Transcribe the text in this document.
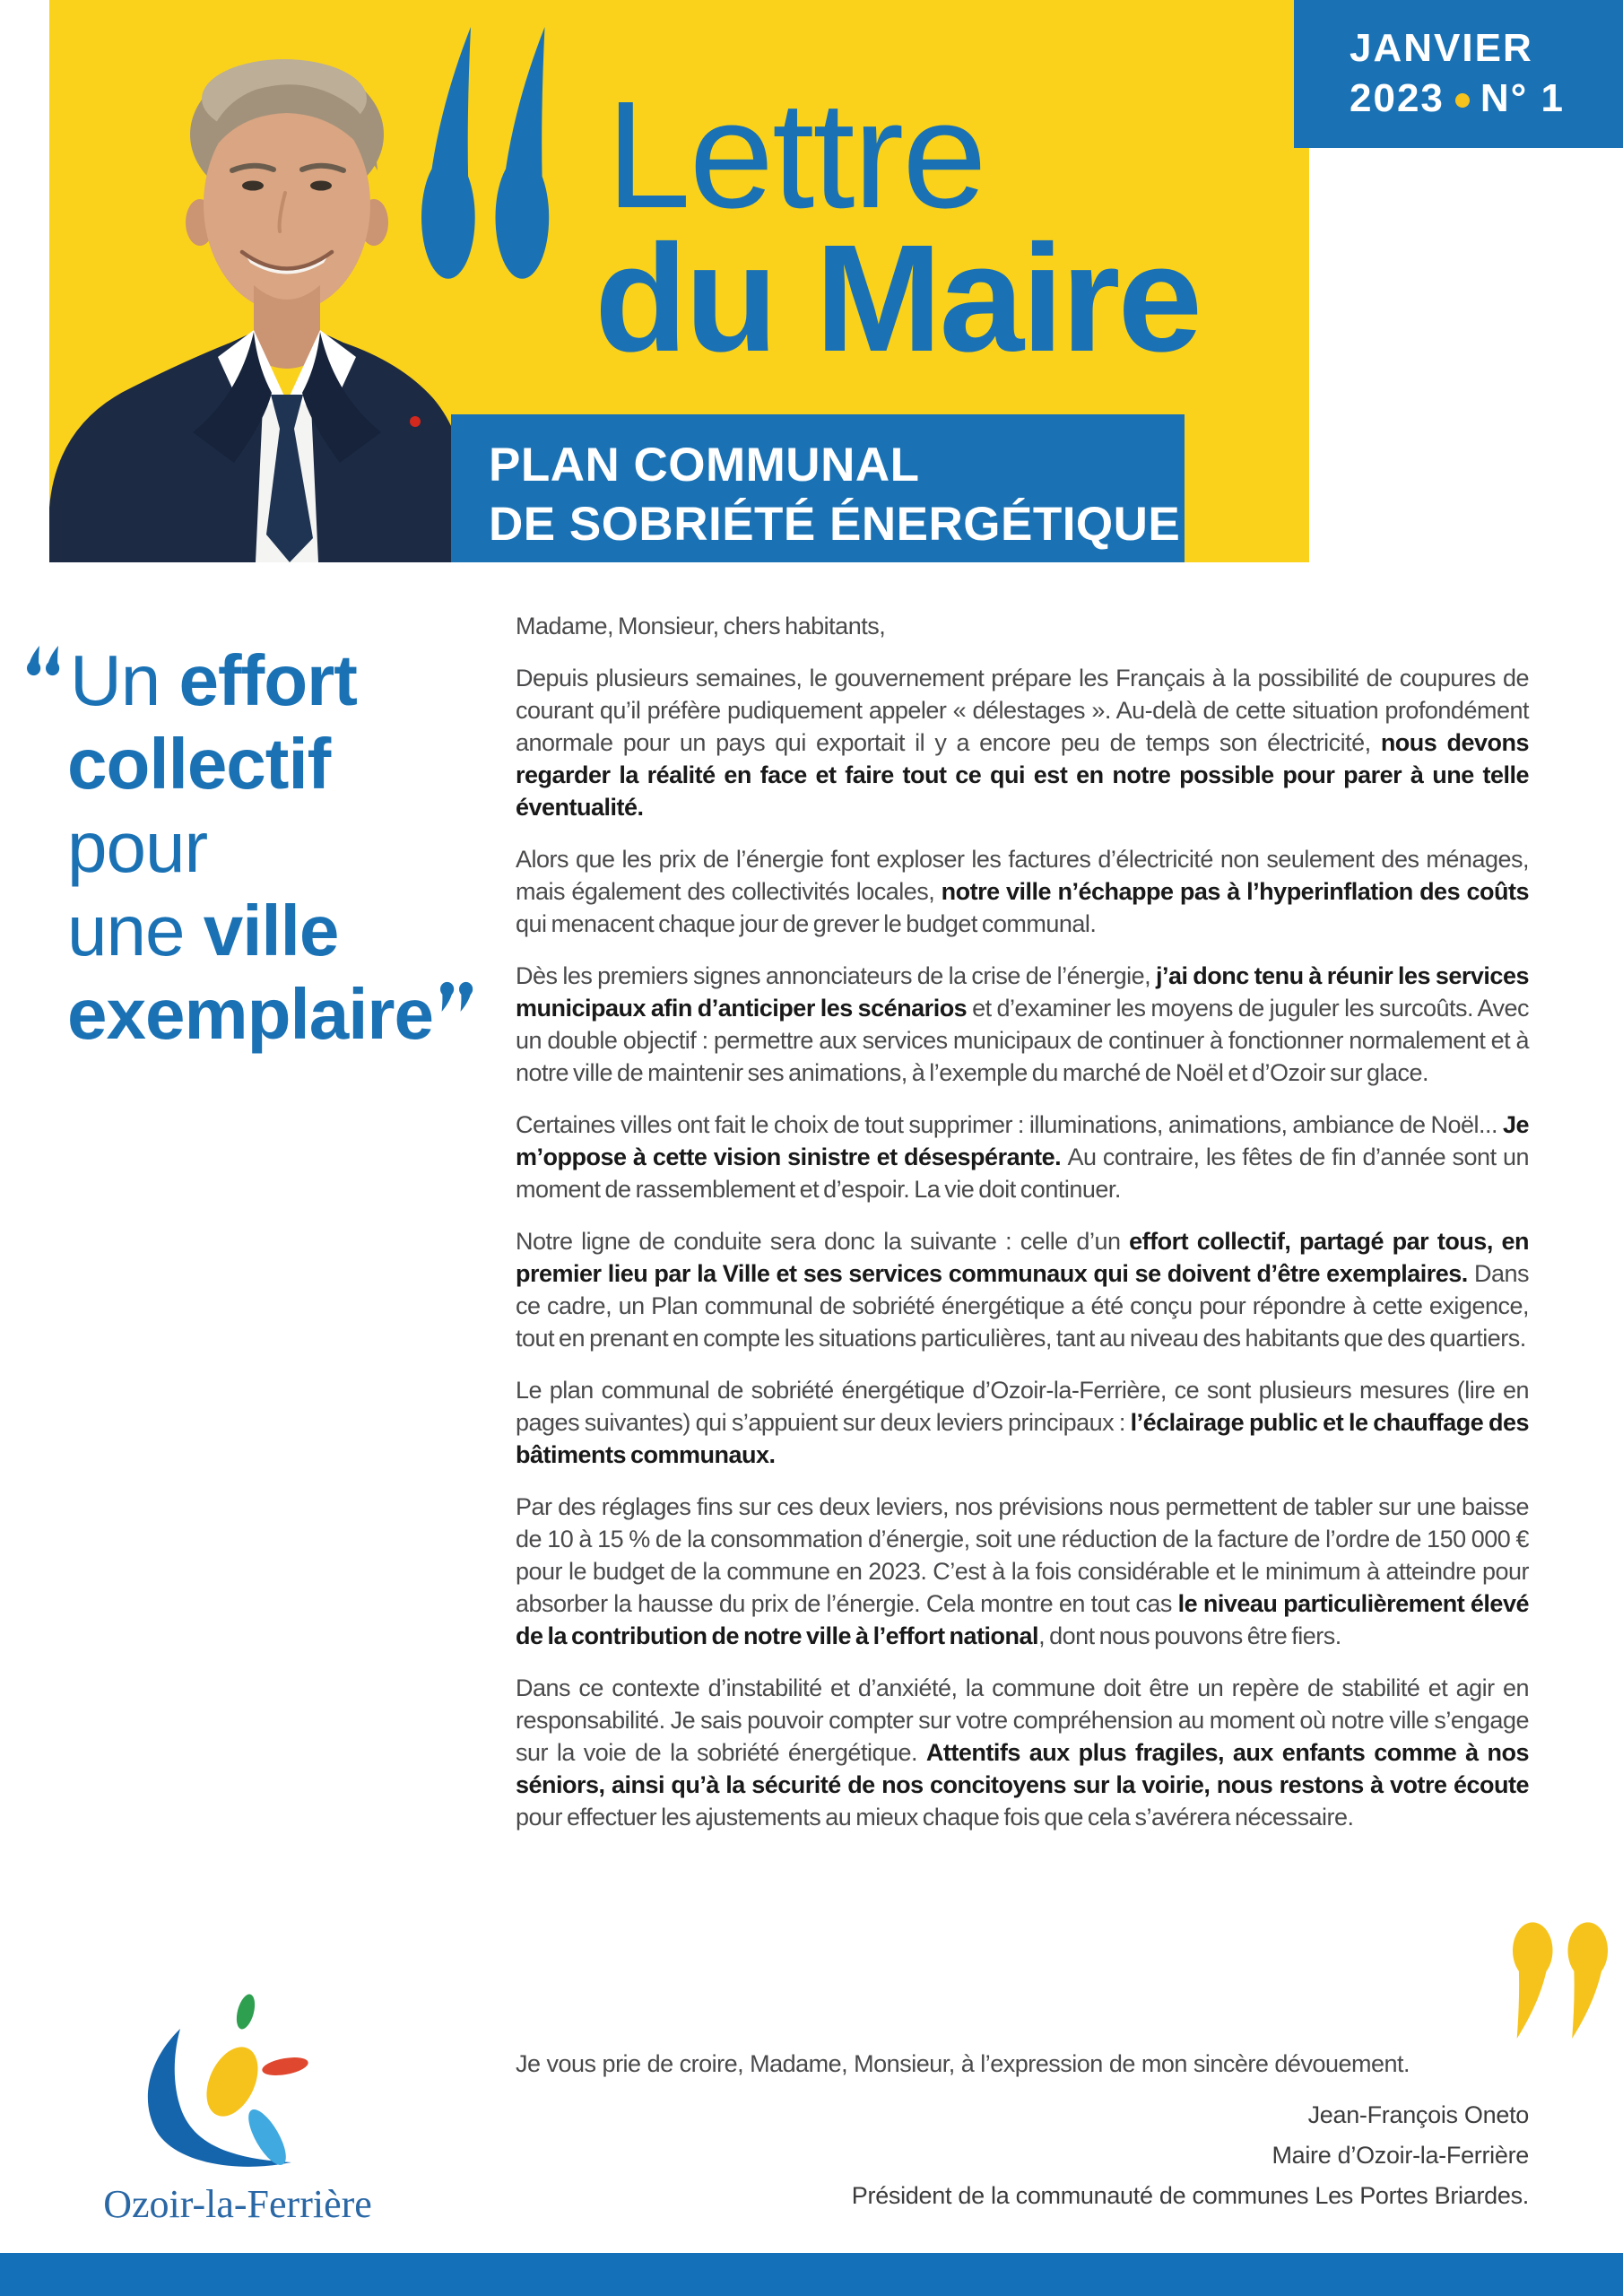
Lettre
du Maire
JANVIER
2023 N° 1
PLAN COMMUNAL
DE SOBRIÉTÉ ÉNERGÉTIQUE
Un effort
collectif
pour
une ville
exemplaire

Madame, Monsieur, chers habitants,

Depuis plusieurs semaines, le gouvernement prépare les Français à la possibilité de coupures de courant qu’il préfère pudiquement appeler « délestages ». Au-delà de cette situation profondément anormale pour un pays qui exportait il y a encore peu de temps son électricité, nous devons regarder la réalité en face et faire tout ce qui est en notre possible pour parer à une telle éventualité.

Alors que les prix de l’énergie font exploser les factures d’électricité non seulement des ménages, mais également des collectivités locales, notre ville n’échappe pas à l’hyperinflation des coûts qui menacent chaque jour de grever le budget communal.

Dès les premiers signes annonciateurs de la crise de l’énergie, j’ai donc tenu à réunir les services municipaux afin d’anticiper les scénarios et d’examiner les moyens de juguler les surcoûts. Avec un double objectif : permettre aux services municipaux de continuer à fonctionner normalement et à notre ville de maintenir ses animations, à l’exemple du marché de Noël et d’Ozoir sur glace.

Certaines villes ont fait le choix de tout supprimer : illuminations, animations, ambiance de Noël... Je m’oppose à cette vision sinistre et désespérante. Au contraire, les fêtes de fin d’année sont un moment de rassemblement et d’espoir. La vie doit continuer.

Notre ligne de conduite sera donc la suivante : celle d’un effort collectif, partagé par tous, en premier lieu par la Ville et ses services communaux qui se doivent d’être exemplaires. Dans ce cadre, un Plan communal de sobriété énergétique a été conçu pour répondre à cette exigence, tout en prenant en compte les situations particulières, tant au niveau des habitants que des quartiers.

Le plan communal de sobriété énergétique d’Ozoir-la-Ferrière, ce sont plusieurs mesures (lire en pages suivantes) qui s’appuient sur deux leviers principaux : l’éclairage public et le chauffage des bâtiments communaux.

Par des réglages fins sur ces deux leviers, nos prévisions nous permettent de tabler sur une baisse de 10 à 15 % de la consommation d’énergie, soit une réduction de la facture de l’ordre de 150 000 € pour le budget de la commune en 2023. C’est à la fois considérable et le minimum à atteindre pour absorber la hausse du prix de l’énergie. Cela montre en tout cas le niveau particulièrement élevé de la contribution de notre ville à l’effort national, dont nous pouvons être fiers.

Dans ce contexte d’instabilité et d’anxiété, la commune doit être un repère de stabilité et agir en responsabilité. Je sais pouvoir compter sur votre compréhension au moment où notre ville s’engage sur la voie de la sobriété énergétique. Attentifs aux plus fragiles, aux enfants comme à nos séniors, ainsi qu’à la sécurité de nos concitoyens sur la voirie, nous restons à votre écoute pour effectuer les ajustements au mieux chaque fois que cela s’avérera nécessaire.

Je vous prie de croire, Madame, Monsieur, à l’expression de mon sincère dévouement.
Jean-François Oneto
Maire d’Ozoir-la-Ferrière
Président de la communauté de communes Les Portes Briardes.
Ozoir-la-Ferrière
